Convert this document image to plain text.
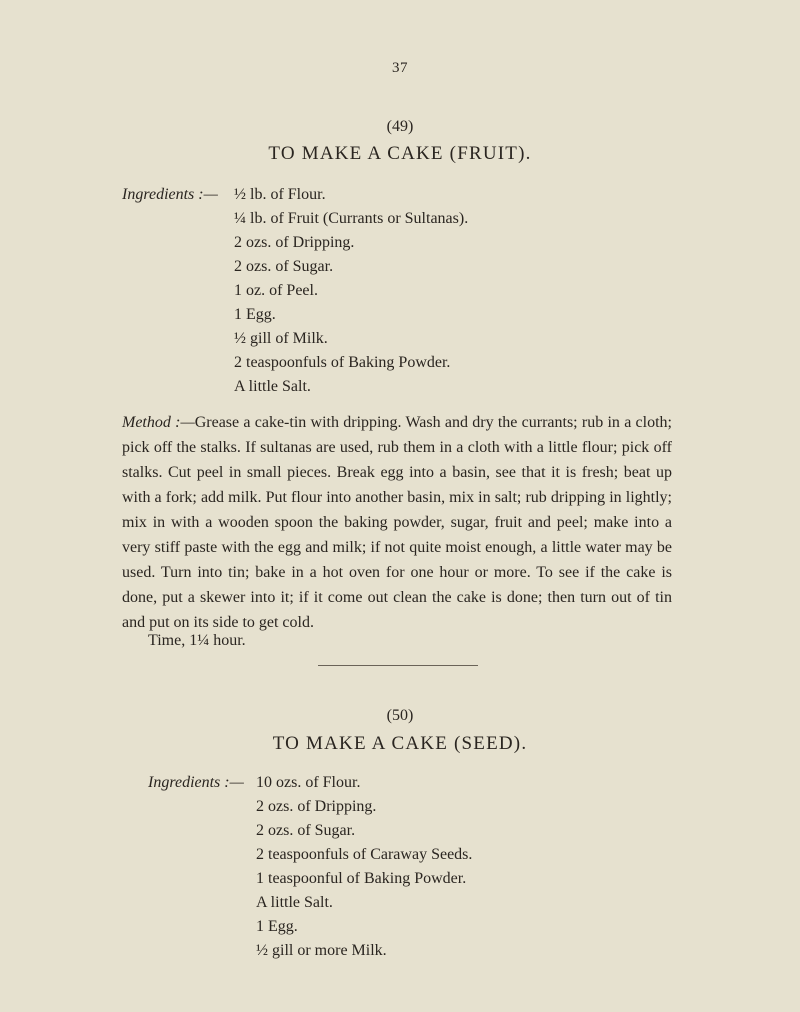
37
(49)
TO MAKE A CAKE (FRUIT).
Ingredients :— ½ lb. of Flour.
¼ lb. of Fruit (Currants or Sultanas).
2 ozs. of Dripping.
2 ozs. of Sugar.
1 oz. of Peel.
1 Egg.
½ gill of Milk.
2 teaspoonfuls of Baking Powder.
A little Salt.

Method :—Grease a cake-tin with dripping. Wash and dry the currants; rub in a cloth; pick off the stalks. If sultanas are used, rub them in a cloth with a little flour; pick off stalks. Cut peel in small pieces. Break egg into a basin, see that it is fresh; beat up with a fork; add milk. Put flour into another basin, mix in salt; rub dripping in lightly; mix in with a wooden spoon the baking powder, sugar, fruit and peel; make into a very stiff paste with the egg and milk; if not quite moist enough, a little water may be used. Turn into tin; bake in a hot oven for one hour or more. To see if the cake is done, put a skewer into it; if it come out clean the cake is done; then turn out of tin and put on its side to get cold.

Time, 1¼ hour.
(50)
TO MAKE A CAKE (SEED).
Ingredients :— 10 ozs. of Flour.
2 ozs. of Dripping.
2 ozs. of Sugar.
2 teaspoonfuls of Caraway Seeds.
1 teaspoonful of Baking Powder.
A little Salt.
1 Egg.
½ gill or more Milk.
